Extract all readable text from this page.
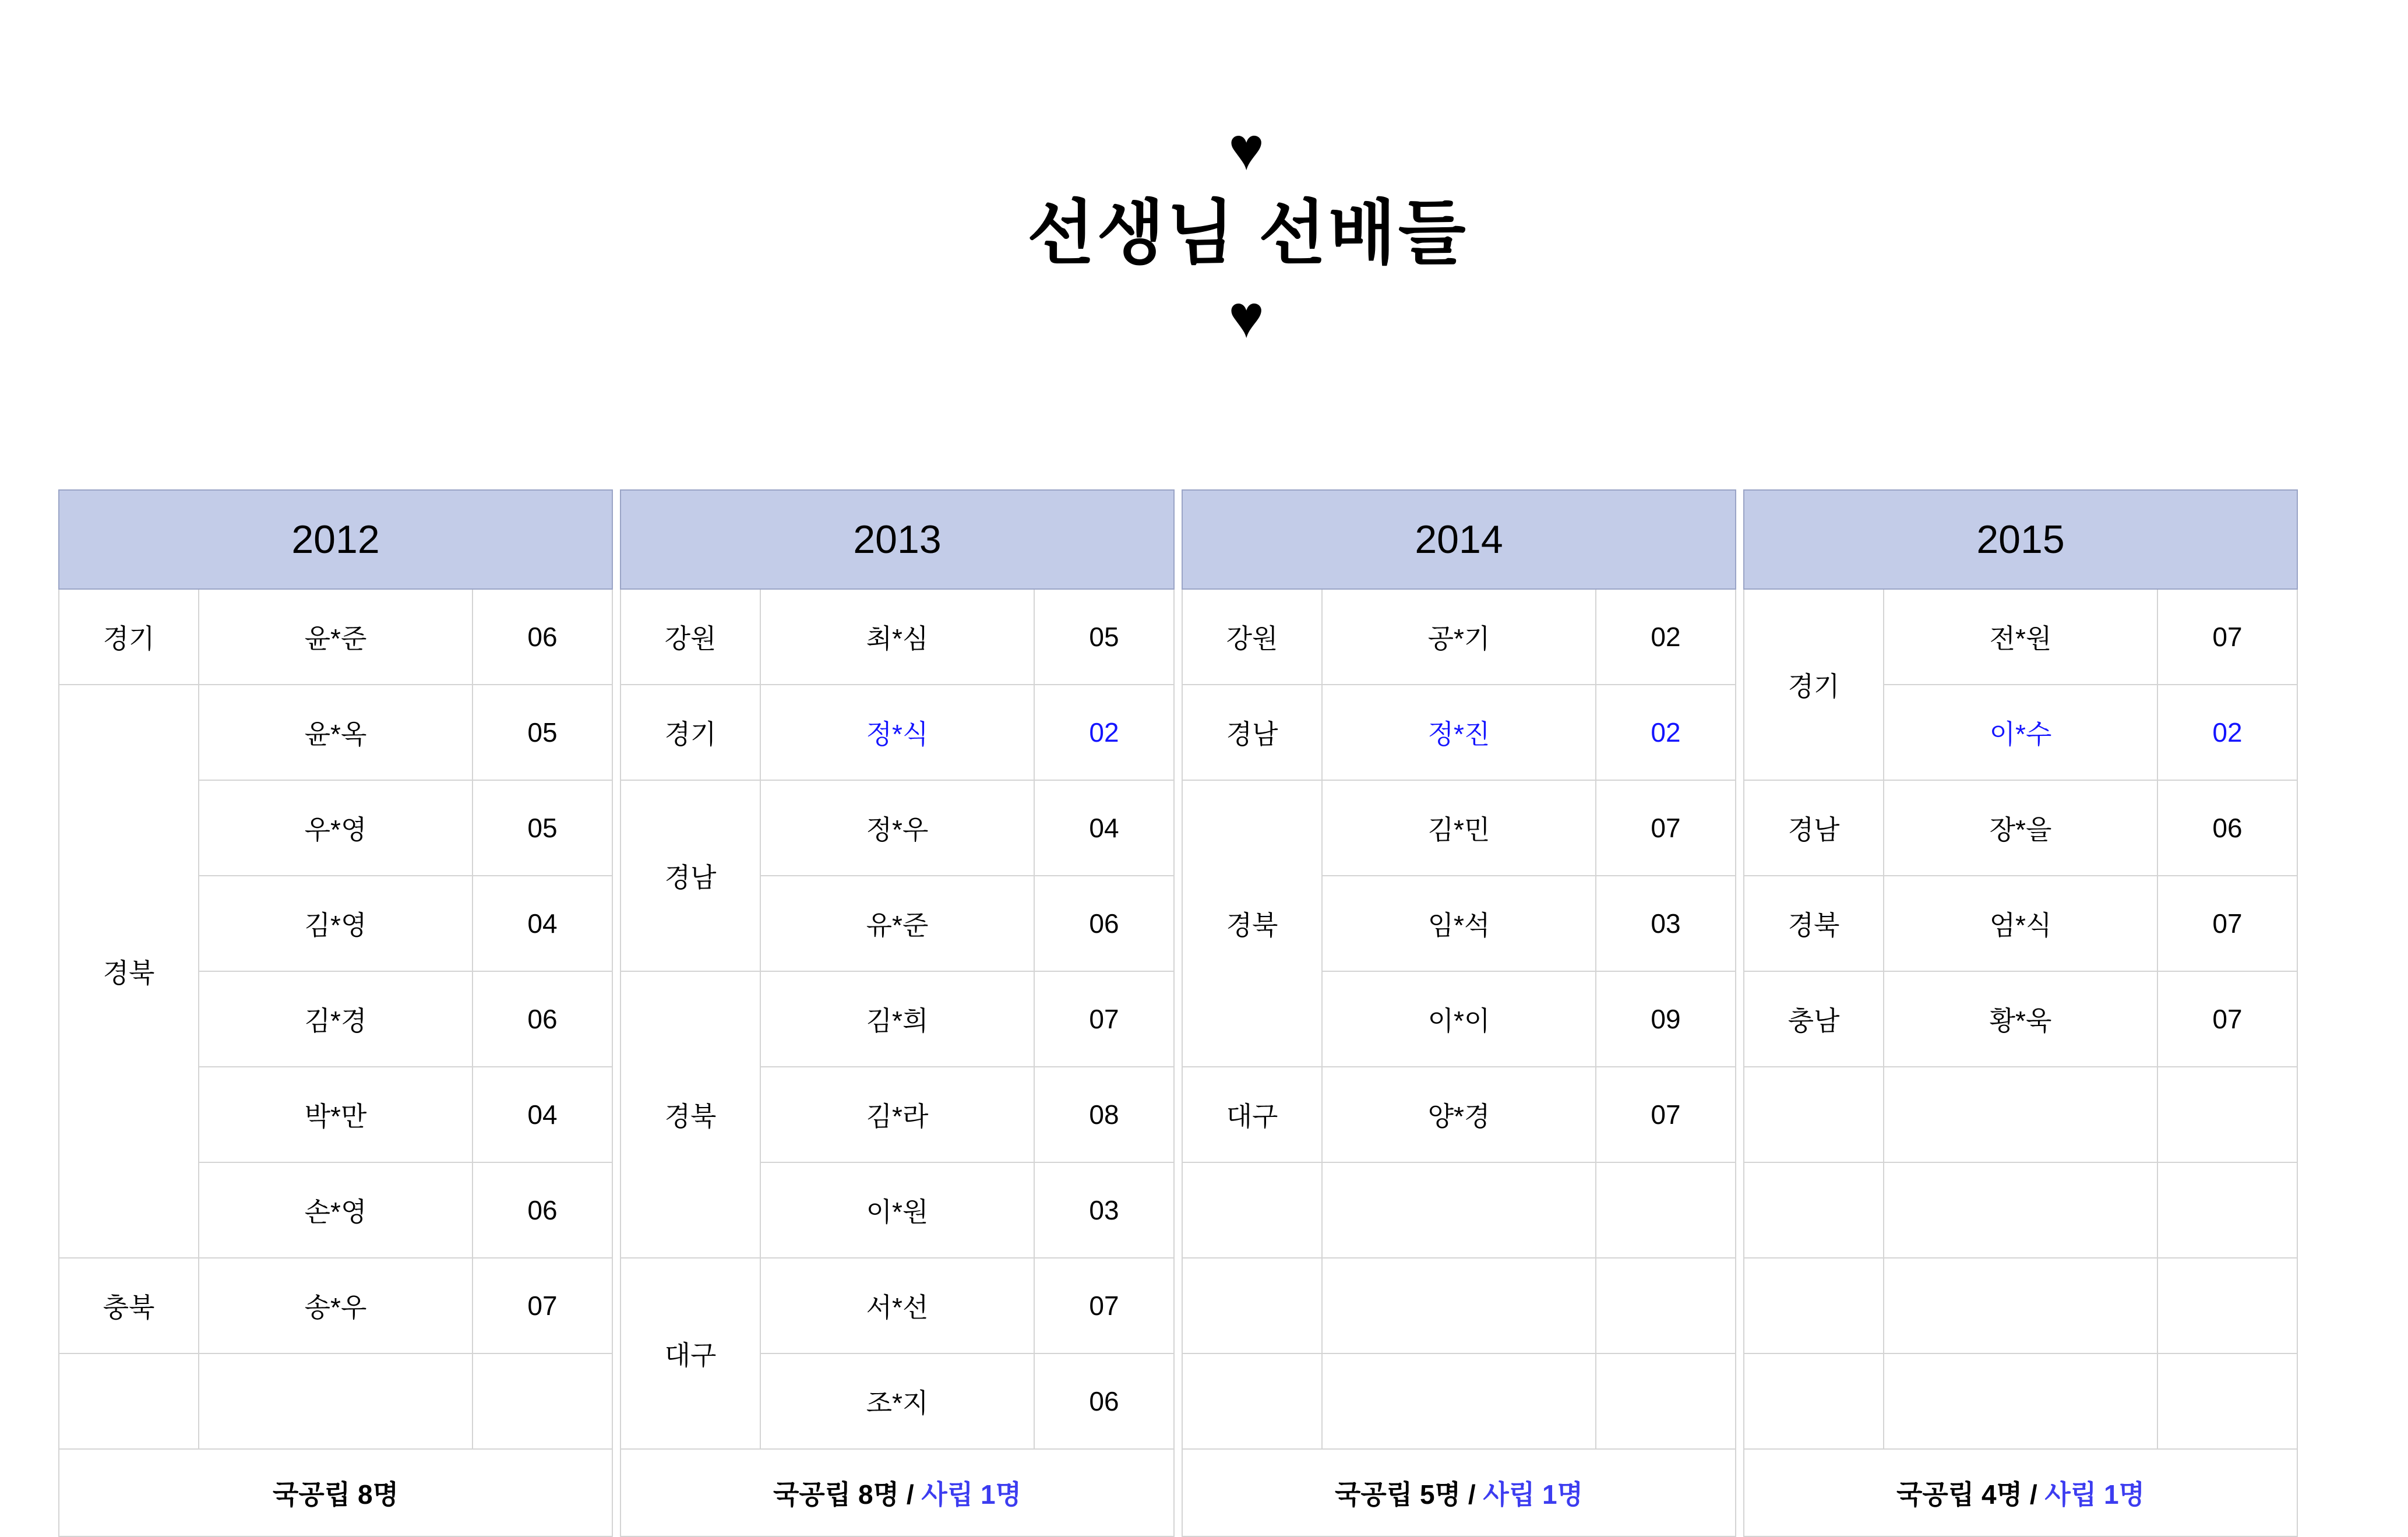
♥
선생님 선배들
♥

2012		
경기	윤*준	06
경북	윤*옥	05
	우*영	05
	김*영	04
	김*경	06
	박*만	04
	손*영	06
충북	송*우	07

국공립 8명		
2013		
강원	최*심	05
경기	정*식	02
경남	정*우	04
	유*준	06
경북	김*희	07
	김*라	08
	이*원	03
대구	서*선	07
	조*지	06
국공립 8명 / 사립 1명		
2014		
강원	공*기	02
경남	정*진	02
경북	김*민	07
	임*석	03
	이*이	09
대구	양*경	07

국공립 5명 / 사립 1명		
2015		
경기	전*원	07
	이*수	02
경남	장*을	06
경북	엄*식	07
충남	황*욱	07

국공립 4명 / 사립 1명		
